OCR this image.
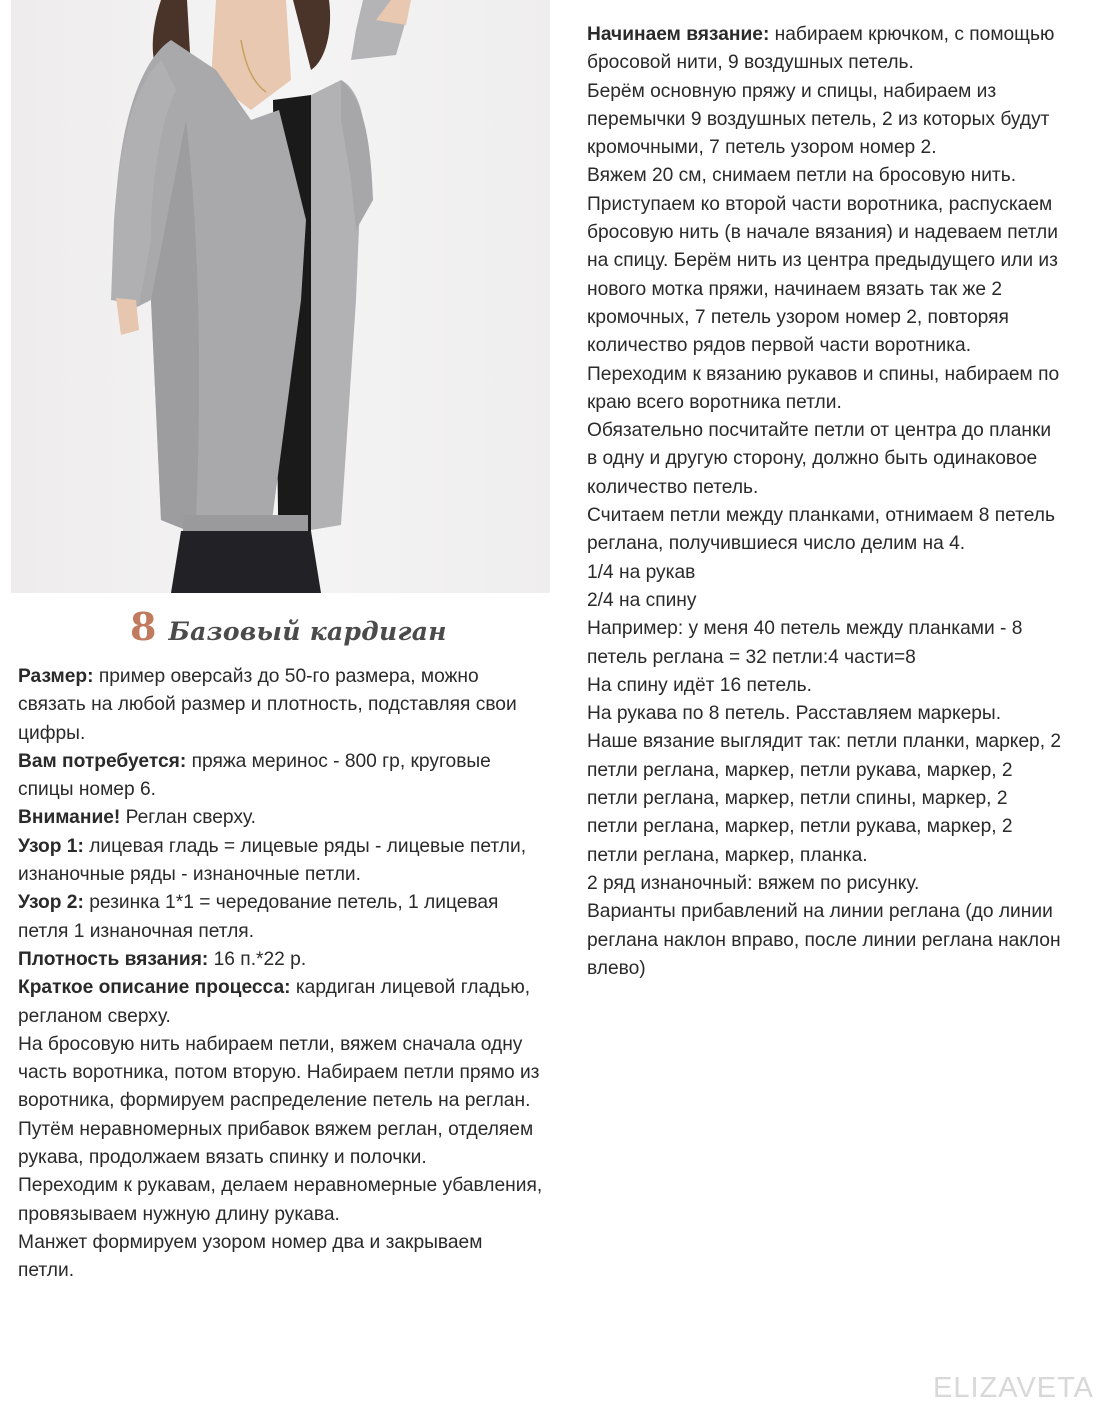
8 Базовый кардиган

Размер: пример оверсайз до 50-го размера, можно связать на любой размер и плотность, подставляя свои цифры.

Вам потребуется: пряжа меринос - 800 гр, круговые спицы номер 6.

Внимание! Реглан сверху.

Узор 1: лицевая гладь = лицевые ряды - лицевые петли, изнаночные ряды - изнаночные петли.

Узор 2: резинка 1*1 = чередование петель, 1 лицевая петля 1 изнаночная петля.

Плотность вязания: 16 п.*22 р.

Краткое описание процесса: кардиган лицевой гладью, регланом сверху.

На бросовую нить набираем петли, вяжем сначала одну часть воротника, потом вторую. Набираем петли прямо из воротника, формируем распределение петель на реглан. Путём неравномерных прибавок вяжем реглан, отделяем рукава, продолжаем вязать спинку и полочки.

Переходим к рукавам, делаем неравномерные убавления, провязываем нужную длину рукава.

Манжет формируем узором номер два и закрываем петли.

Начинаем вязание: набираем крючком, с помощью бросовой нити, 9 воздушных петель.

Берём основную пряжу и спицы, набираем из перемычки 9 воздушных петель, 2 из которых будут кромочными, 7 петель узором номер 2.

Вяжем 20 см, снимаем петли на бросовую нить.

Приступаем ко второй части воротника, распускаем бросовую нить (в начале вязания) и надеваем петли на спицу. Берём нить из центра предыдущего или из нового мотка пряжи, начинаем вязать так же 2 кромочных, 7 петель узором номер 2, повторяя количество рядов первой части воротника.

Переходим к вязанию рукавов и спины, набираем по краю всего воротника петли.

Обязательно посчитайте петли от центра до планки в одну и другую сторону, должно быть одинаковое количество петель.

Считаем петли между планками, отнимаем 8 петель реглана, получившиеся число делим на 4.

1/4 на рукав

2/4 на спину

Например: у меня 40 петель между планками - 8 петель реглана = 32 петли:4 части=8

На спину идёт 16 петель.

На рукава по 8 петель. Расставляем маркеры.

Наше вязание выглядит так: петли планки, маркер, 2 петли реглана, маркер, петли рукава, маркер, 2 петли реглана, маркер, петли спины, маркер, 2 петли реглана, маркер, петли рукава, маркер, 2 петли реглана, маркер, планка.

2 ряд изнаночный: вяжем по рисунку.

Варианты прибавлений на линии реглана (до линии реглана наклон вправо, после линии реглана наклон влево)

ELIZAVETA
